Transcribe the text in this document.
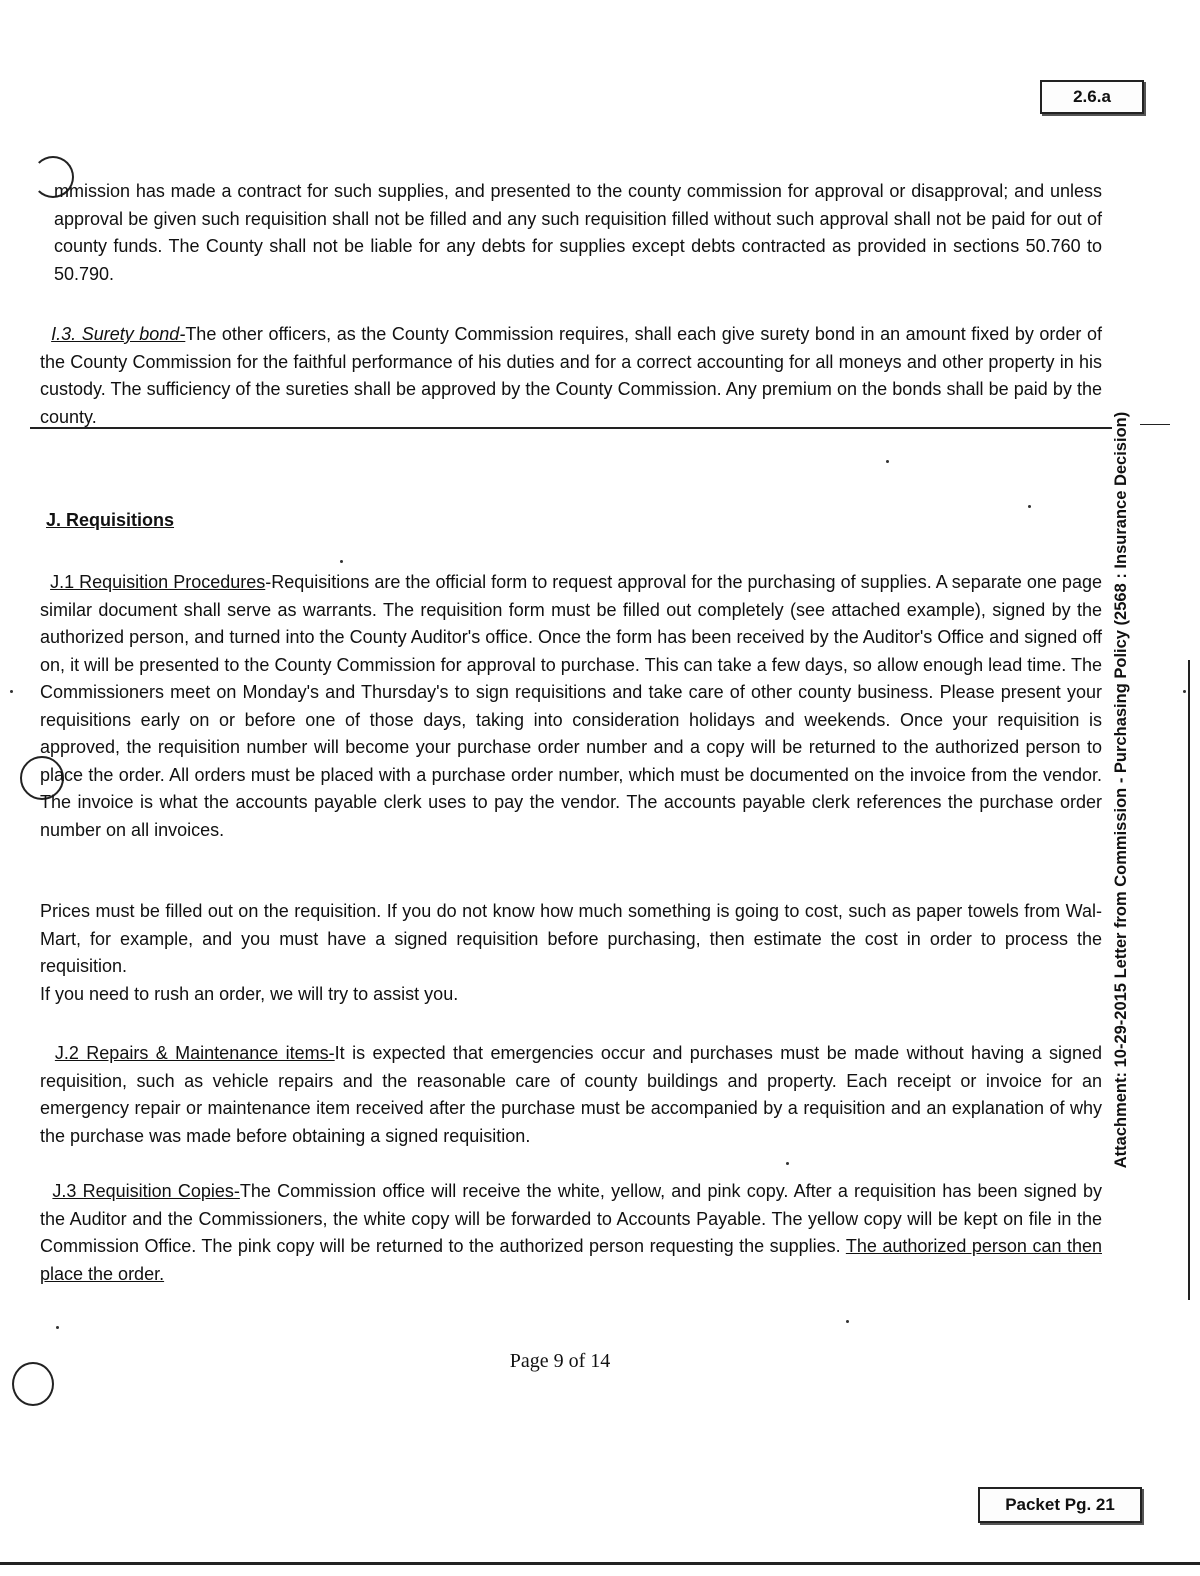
2.6.a
mmission has made a contract for such supplies, and presented to the county commission for approval or disapproval; and unless approval be given such requisition shall not be filled and any such requisition filled without such approval shall not be paid for out of county funds. The County shall not be liable for any debts for supplies except debts contracted as provided in sections 50.760 to 50.790.
I.3. Surety bond-The other officers, as the County Commission requires, shall each give surety bond in an amount fixed by order of the County Commission for the faithful performance of his duties and for a correct accounting for all moneys and other property in his custody. The sufficiency of the sureties shall be approved by the County Commission. Any premium on the bonds shall be paid by the county.
J. Requisitions
J.1 Requisition Procedures-Requisitions are the official form to request approval for the purchasing of supplies. A separate one page similar document shall serve as warrants. The requisition form must be filled out completely (see attached example), signed by the authorized person, and turned into the County Auditor's office. Once the form has been received by the Auditor's Office and signed off on, it will be presented to the County Commission for approval to purchase. This can take a few days, so allow enough lead time. The Commissioners meet on Monday's and Thursday's to sign requisitions and take care of other county business. Please present your requisitions early on or before one of those days, taking into consideration holidays and weekends. Once your requisition is approved, the requisition number will become your purchase order number and a copy will be returned to the authorized person to place the order. All orders must be placed with a purchase order number, which must be documented on the invoice from the vendor. The invoice is what the accounts payable clerk uses to pay the vendor. The accounts payable clerk references the purchase order number on all invoices.
Prices must be filled out on the requisition. If you do not know how much something is going to cost, such as paper towels from Wal-Mart, for example, and you must have a signed requisition before purchasing, then estimate the cost in order to process the requisition.
If you need to rush an order, we will try to assist you.
J.2 Repairs & Maintenance items-It is expected that emergencies occur and purchases must be made without having a signed requisition, such as vehicle repairs and the reasonable care of county buildings and property. Each receipt or invoice for an emergency repair or maintenance item received after the purchase must be accompanied by a requisition and an explanation of why the purchase was made before obtaining a signed requisition.
J.3 Requisition Copies-The Commission office will receive the white, yellow, and pink copy. After a requisition has been signed by the Auditor and the Commissioners, the white copy will be forwarded to Accounts Payable. The yellow copy will be kept on file in the Commission Office. The pink copy will be returned to the authorized person requesting the supplies. The authorized person can then place the order.
Attachment: 10-29-2015 Letter from Commission - Purchasing Policy (2568 : Insurance Decision)
Page 9 of 14
Packet Pg. 21
